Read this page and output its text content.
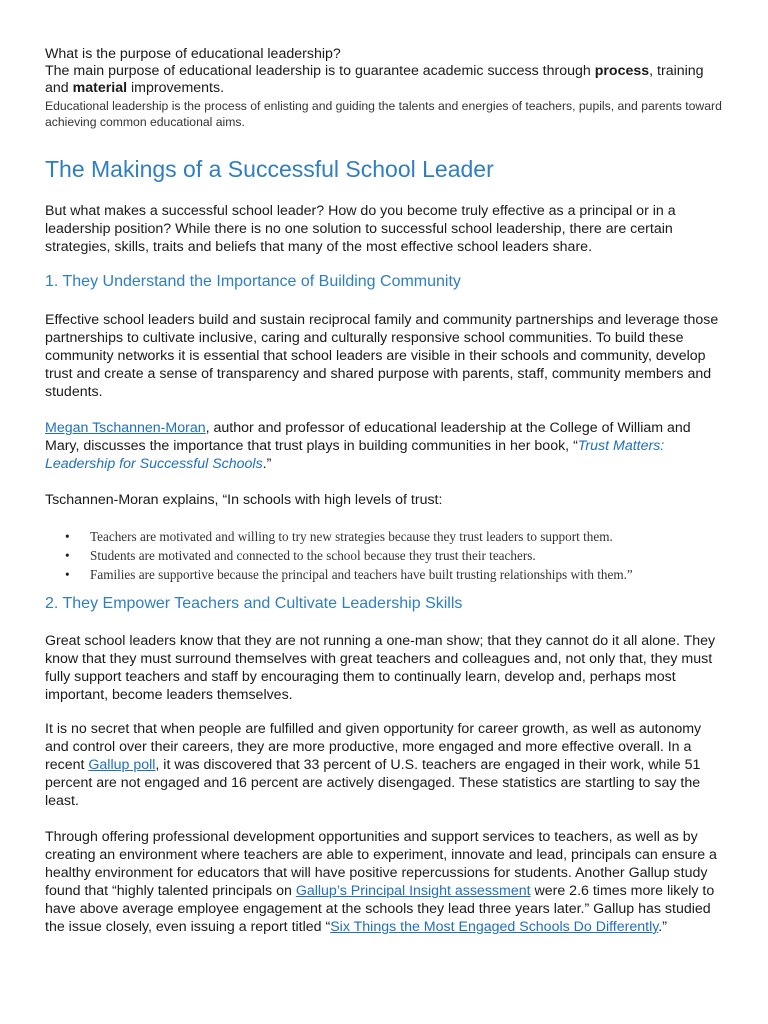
What is the purpose of educational leadership?

The main purpose of educational leadership is to guarantee academic success through process, training and material improvements.

Educational leadership is the process of enlisting and guiding the talents and energies of teachers, pupils, and parents toward achieving common educational aims.

The Makings of a Successful School Leader

But what makes a successful school leader? How do you become truly effective as a principal or in a leadership position? While there is no one solution to successful school leadership, there are certain strategies, skills, traits and beliefs that many of the most effective school leaders share.

1. They Understand the Importance of Building Community

Effective school leaders build and sustain reciprocal family and community partnerships and leverage those partnerships to cultivate inclusive, caring and culturally responsive school communities. To build these community networks it is essential that school leaders are visible in their schools and community, develop trust and create a sense of transparency and shared purpose with parents, staff, community members and students.

Megan Tschannen-Moran, author and professor of educational leadership at the College of William and Mary, discusses the importance that trust plays in building communities in her book, “Trust Matters: Leadership for Successful Schools.”

Tschannen-Moran explains, “In schools with high levels of trust:

• Teachers are motivated and willing to try new strategies because they trust leaders to support them.
• Students are motivated and connected to the school because they trust their teachers.
• Families are supportive because the principal and teachers have built trusting relationships with them.”
2. They Empower Teachers and Cultivate Leadership Skills

Great school leaders know that they are not running a one-man show; that they cannot do it all alone. They know that they must surround themselves with great teachers and colleagues and, not only that, they must fully support teachers and staff by encouraging them to continually learn, develop and, perhaps most important, become leaders themselves.

It is no secret that when people are fulfilled and given opportunity for career growth, as well as autonomy and control over their careers, they are more productive, more engaged and more effective overall. In a recent Gallup poll, it was discovered that 33 percent of U.S. teachers are engaged in their work, while 51 percent are not engaged and 16 percent are actively disengaged. These statistics are startling to say the least.

Through offering professional development opportunities and support services to teachers, as well as by creating an environment where teachers are able to experiment, innovate and lead, principals can ensure a healthy environment for educators that will have positive repercussions for students. Another Gallup study found that “highly talented principals on Gallup’s Principal Insight assessment were 2.6 times more likely to have above average employee engagement at the schools they lead three years later.” Gallup has studied the issue closely, even issuing a report titled “Six Things the Most Engaged Schools Do Differently.”
